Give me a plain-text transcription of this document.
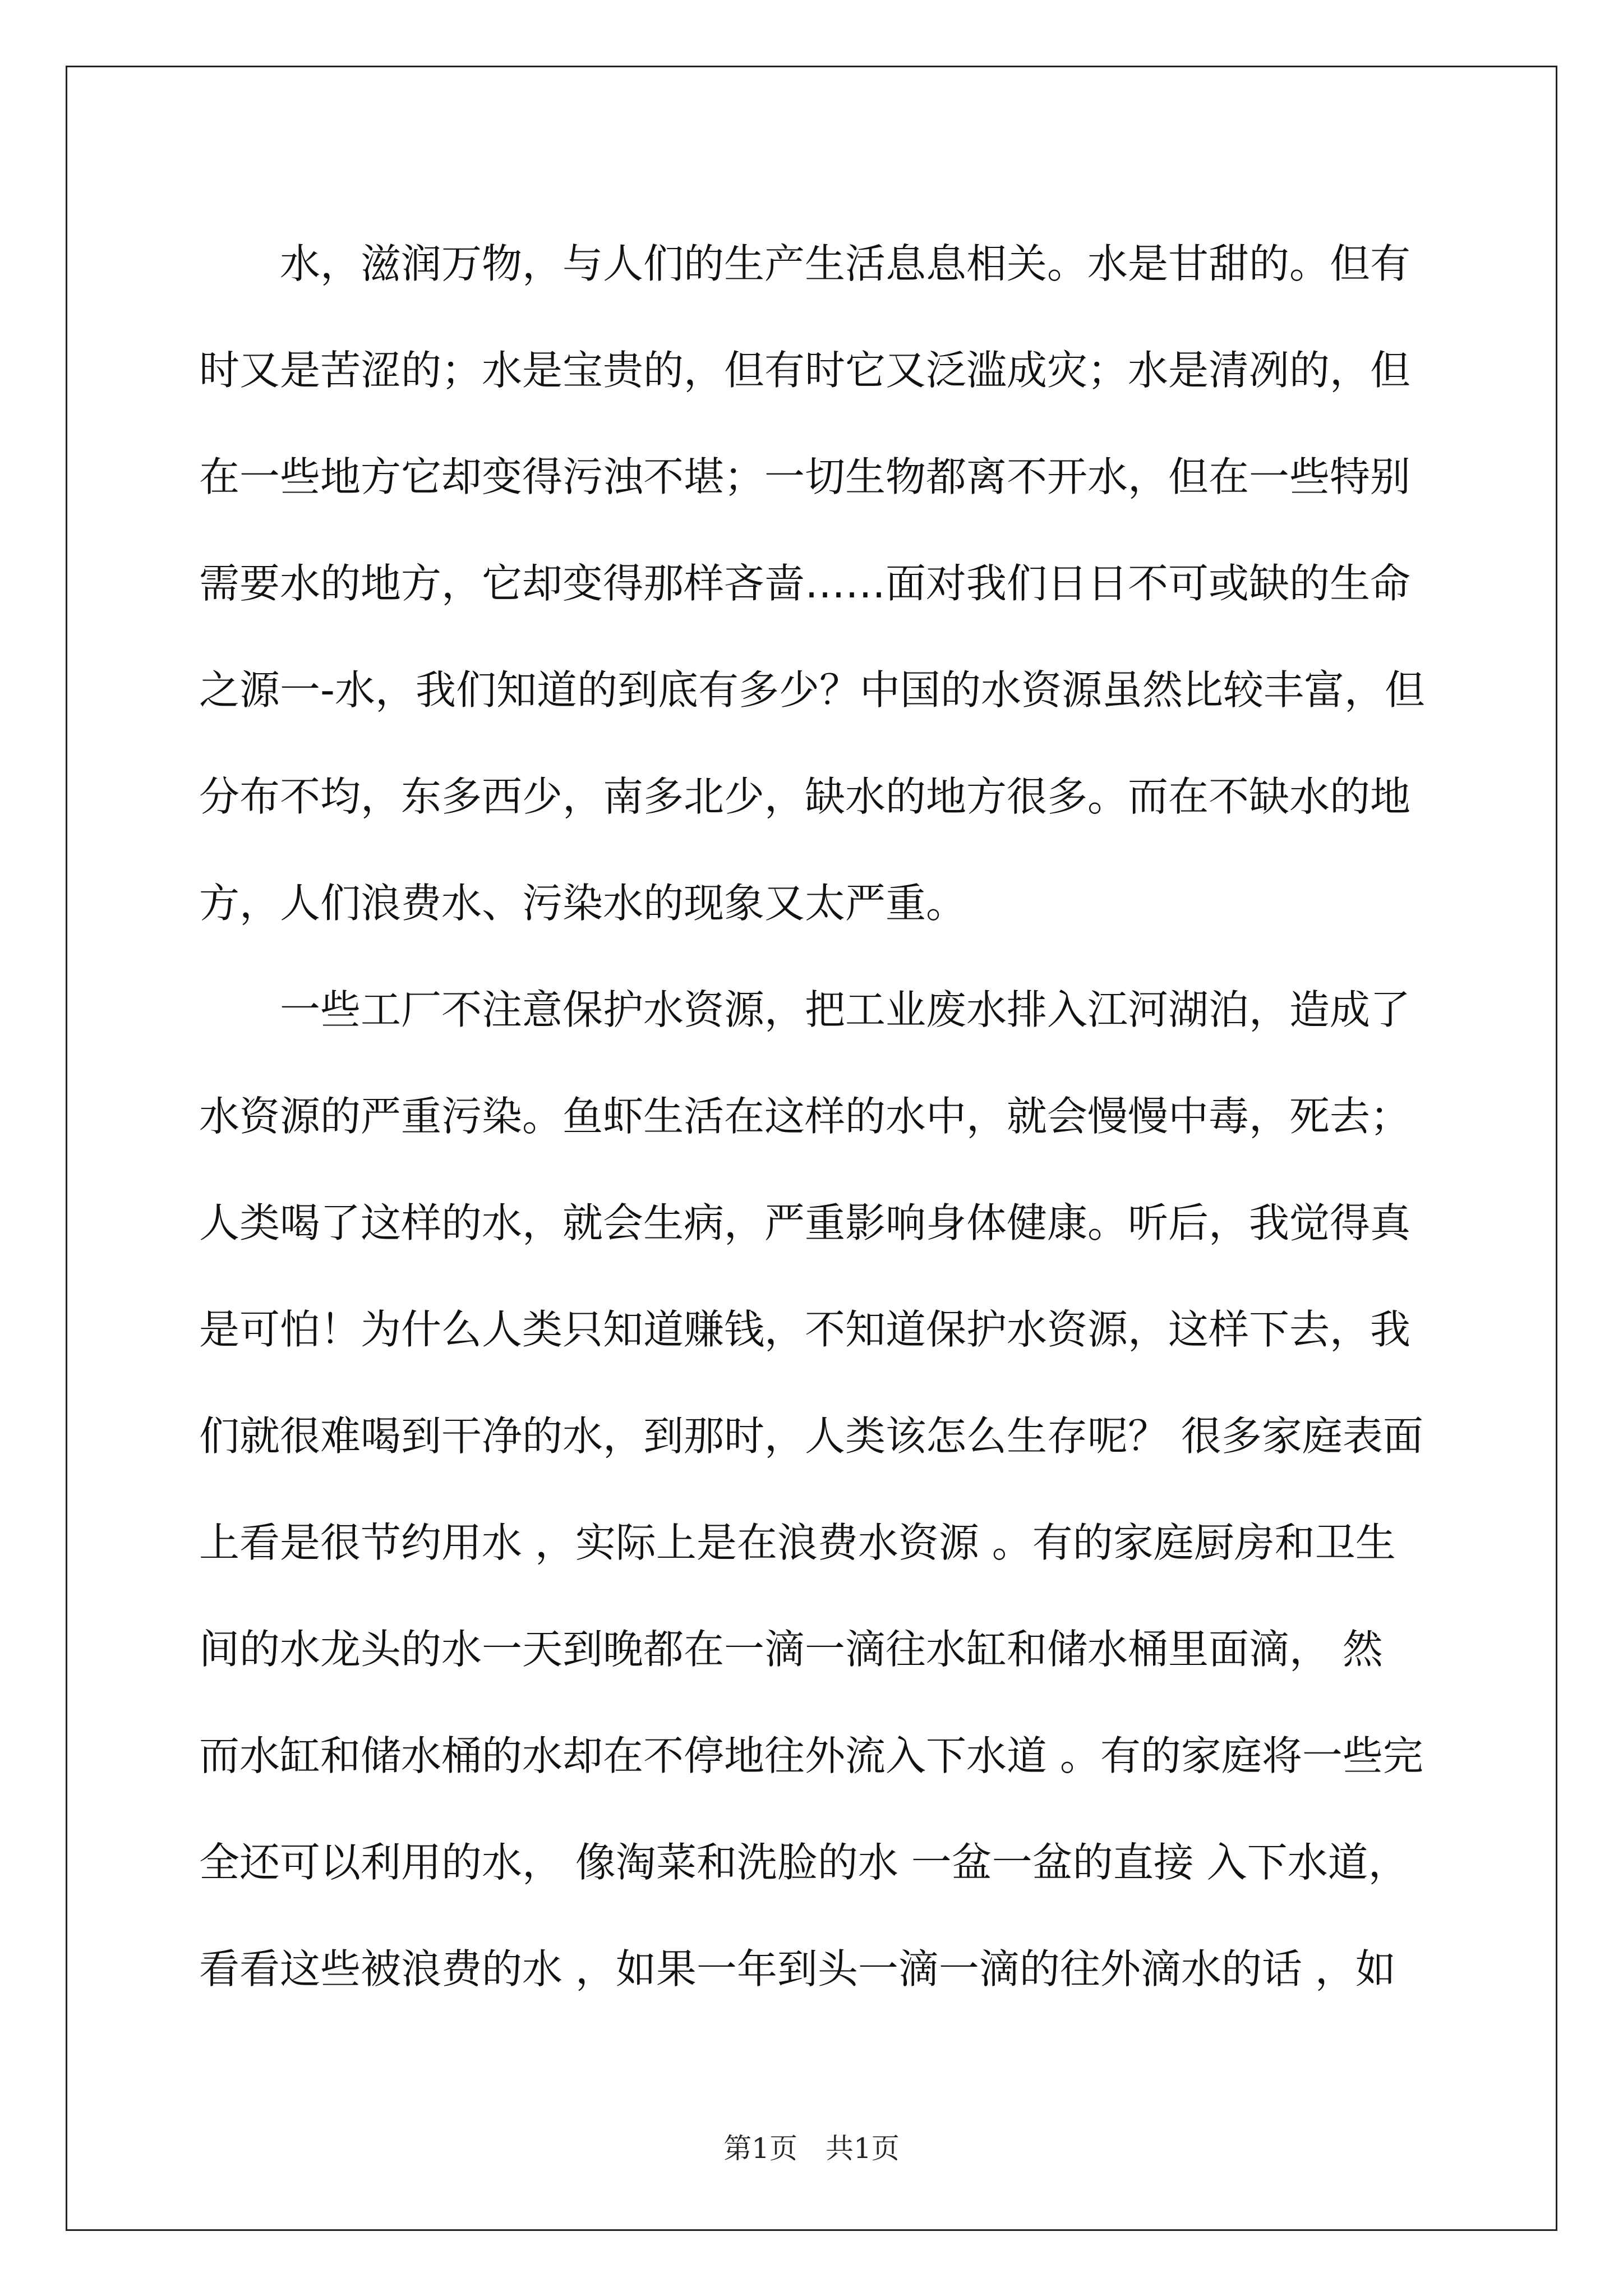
水，滋润万物，与人们的生产生活息息相关。水是甘甜的。但有
时又是苦涩的；水是宝贵的，但有时它又泛滥成灾；水是清冽的，但
在一些地方它却变得污浊不堪；一切生物都离不开水，但在一些特别
需要水的地方，它却变得那样吝啬……面对我们日日不可或缺的生命
之源一-水，我们知道的到底有多少？中国的水资源虽然比较丰富，但
分布不均，东多西少，南多北少，缺水的地方很多。而在不缺水的地
方，人们浪费水、污染水的现象又太严重。
一些工厂不注意保护水资源，把工业废水排入江河湖泊，造成了
水资源的严重污染。鱼虾生活在这样的水中，就会慢慢中毒，死去；
人类喝了这样的水，就会生病，严重影响身体健康。听后，我觉得真
是可怕！为什么人类只知道赚钱，不知道保护水资源，这样下去，我
们就很难喝到干净的水，到那时，人类该怎么生存呢？ 很多家庭表面
上看是很节约用水 ，实际上是在浪费水资源 。有的家庭厨房和卫生
间的水龙头的水一天到晚都在一滴一滴往水缸和储水桶里面滴， 然
而水缸和储水桶的水却在不停地往外流入下水道 。有的家庭将一些完
全还可以利用的水， 像淘菜和洗脸的水 一盆一盆的直接 入下水道，
看看这些被浪费的水 ，如果一年到头一滴一滴的往外滴水的话 ，如
第1页　共1页
